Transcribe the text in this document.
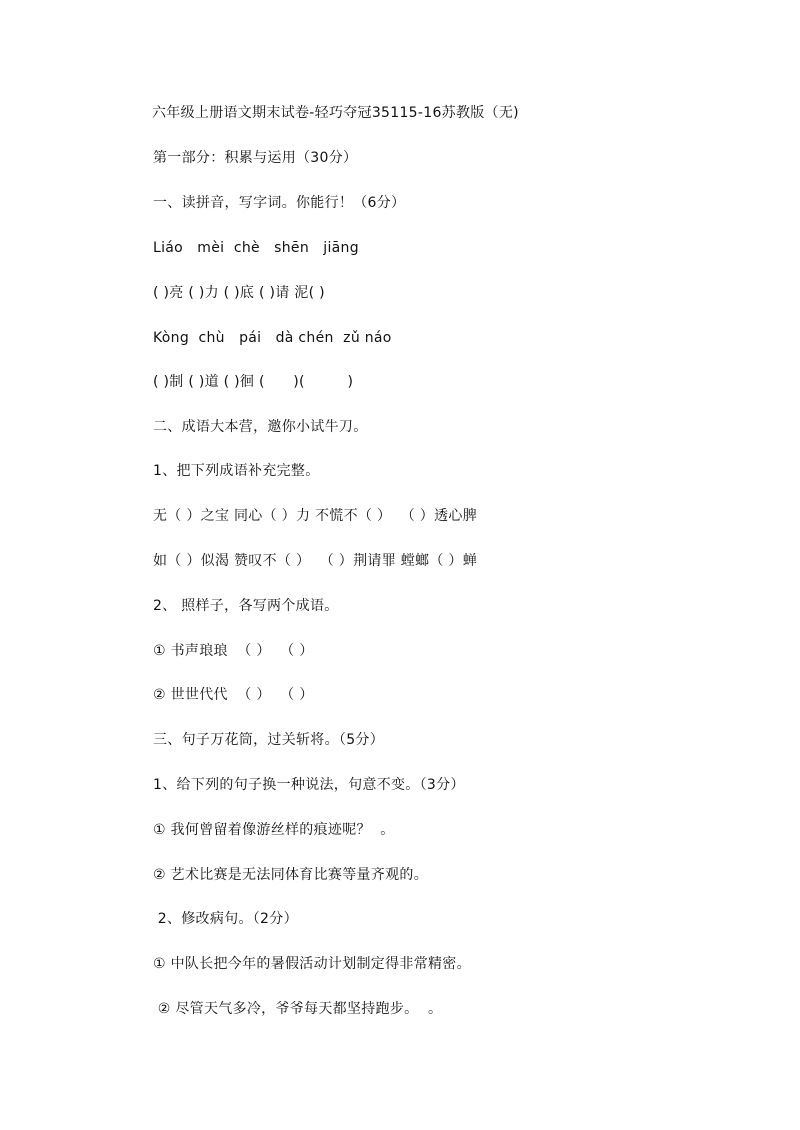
六年级上册语文期末试卷-轻巧夺冠35115-16苏教版（无)
第一部分：积累与运用（30分）
一、读拼音，写字词。你能行！（6分）
Liáo   mèi  chè   shēn   jiāng
( )亮 ( )力 ( )底 ( )请 泥( )
Kòng  chù   pái   dà chén  zǔ náo
( )制 ( )道 ( )徊 (      )(         )
二、成语大本营，邀你小试牛刀。
1、把下列成语补充完整。
无（ ）之宝 同心（ ）力 不慌不（ ）  （ ）透心脾
如（ ）似渴 赞叹不（ ）  （ ）荆请罪 螳螂（ ）蝉
2、 照样子，各写两个成语。
① 书声琅琅  （ ）  （ ）
② 世世代代  （ ）  （ ）
三、句子万花筒，过关斩将。（5分）
1、给下列的句子换一种说法，句意不变。（3分）
① 我何曾留着像游丝样的痕迹呢？  。
② 艺术比赛是无法同体育比赛等量齐观的。
2、修改病句。（2分）
① 中队长把今年的暑假活动计划制定得非常精密。
② 尽管天气多冷，爷爷每天都坚持跑步。  。
